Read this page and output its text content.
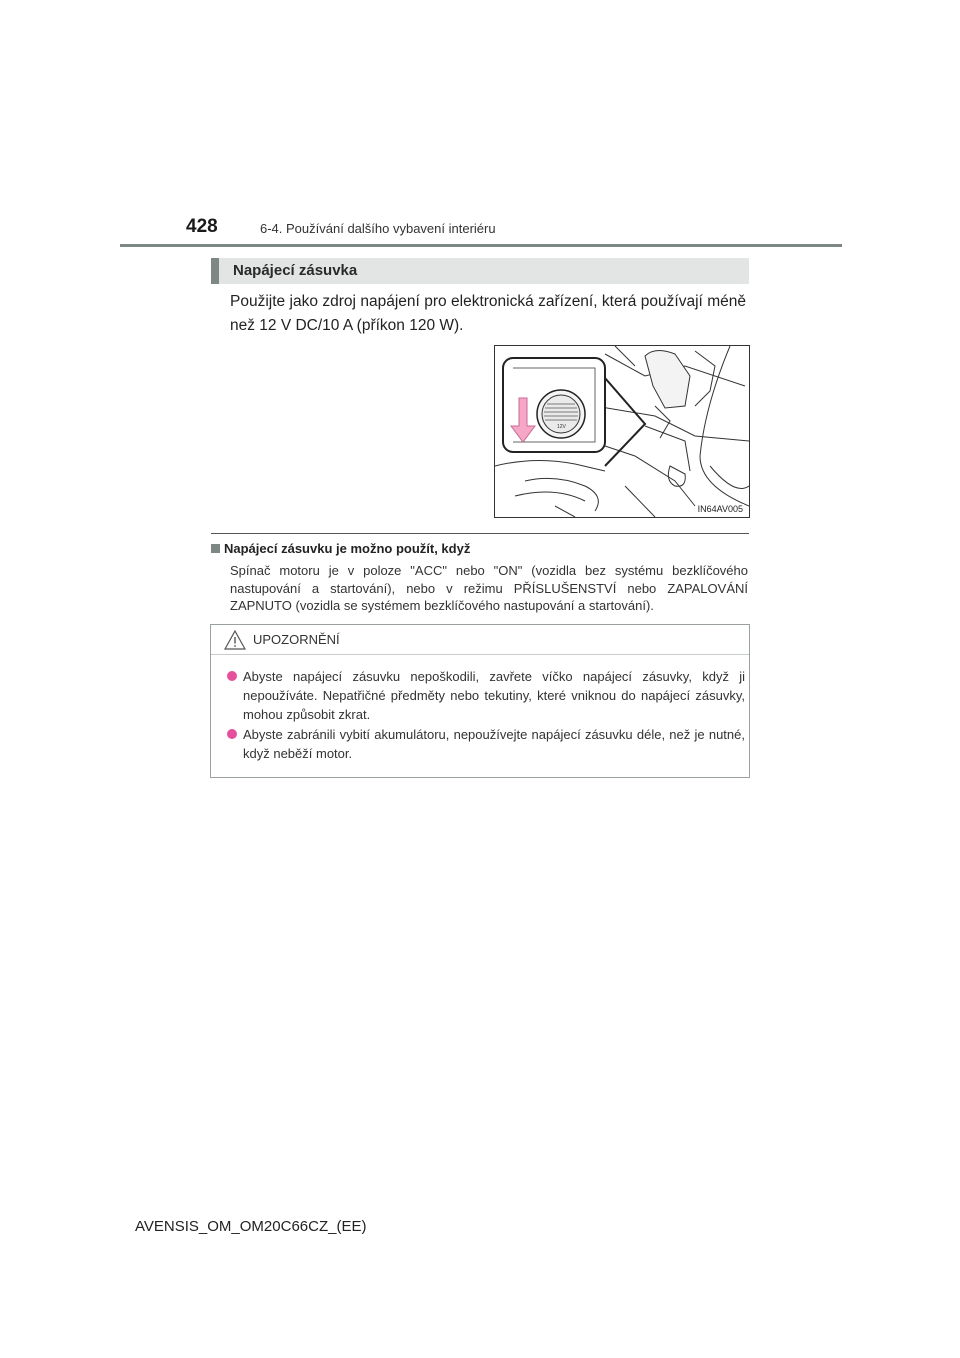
428	6-4. Používání dalšího vybavení interiéru
Napájecí zásuvka
Použijte jako zdroj napájení pro elektronická zařízení, která používají méně než 12 V DC/10 A (příkon 120 W).
12V
IN64AV005
Napájecí zásuvku je možno použít, když
Spínač motoru je v poloze "ACC" nebo "ON" (vozidla bez systému bezklíčového nastupování a startování), nebo v režimu PŘÍSLUŠENSTVÍ nebo ZAPALOVÁNÍ ZAPNUTO (vozidla se systémem bezklíčového nastupování a startování).
UPOZORNĚNÍ
Abyste napájecí zásuvku nepoškodili, zavřete víčko napájecí zásuvky, když ji nepoužíváte. Nepatřičné předměty nebo tekutiny, které vniknou do napájecí zásuvky, mohou způsobit zkrat.
Abyste zabránili vybití akumulátoru, nepoužívejte napájecí zásuvku déle, než je nutné, když neběží motor.
AVENSIS_OM_OM20C66CZ_(EE)
